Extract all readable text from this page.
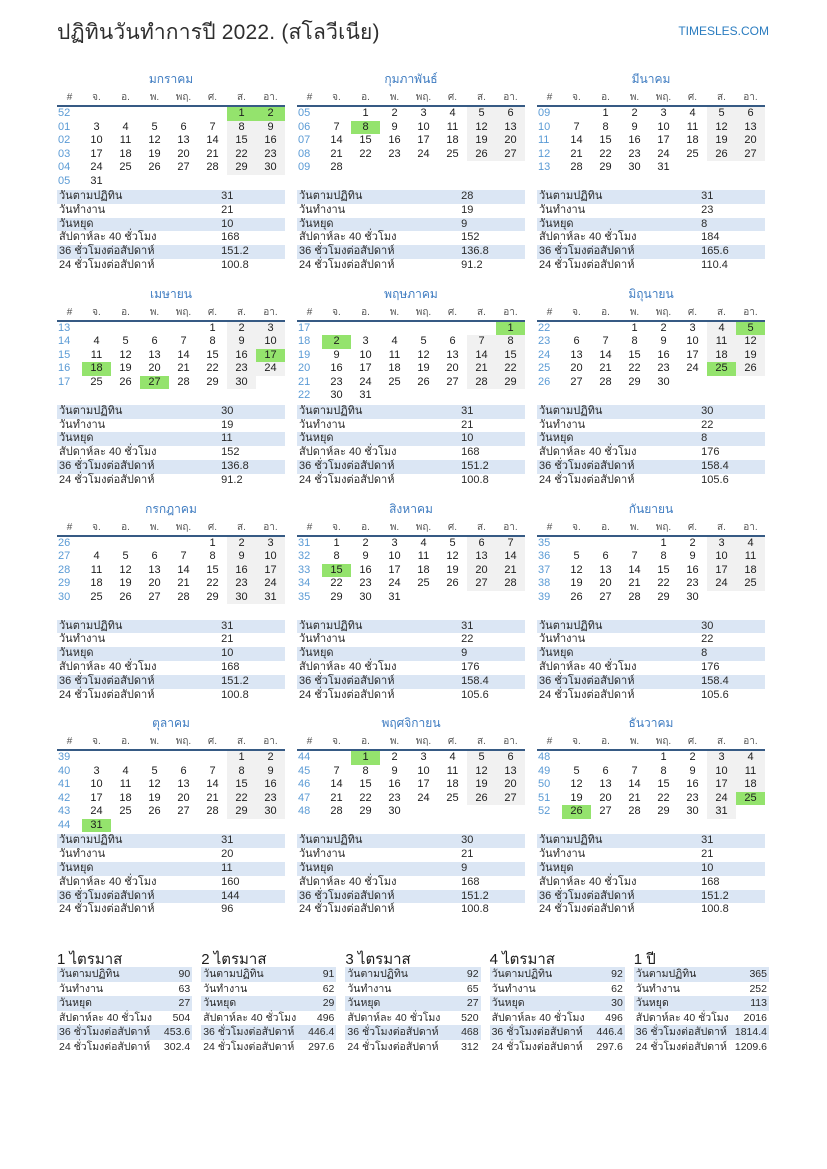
ปฏิทินวันทำการปี 2022. (สโลวีเนีย)	TIMESLES.COM
มกราคม
#	จ.	อ.	พ.	พฤ.	ศ.	ส.	อา.
52						1	2
01	3	4	5	6	7	8	9
02	10	11	12	13	14	15	16
03	17	18	19	20	21	22	23
04	24	25	26	27	28	29	30
05	31						
วันตามปฏิทิน	31
วันทำงาน	21
วันหยุด	10
สัปดาห์ละ 40 ชั่วโมง	168
36 ชั่วโมงต่อสัปดาห์	151.2
24 ชั่วโมงต่อสัปดาห์	100.8
กุมภาพันธ์
#	จ.	อ.	พ.	พฤ.	ศ.	ส.	อา.
05		1	2	3	4	5	6
06	7	8	9	10	11	12	13
07	14	15	16	17	18	19	20
08	21	22	23	24	25	26	27
09	28						
วันตามปฏิทิน	28
วันทำงาน	19
วันหยุด	9
สัปดาห์ละ 40 ชั่วโมง	152
36 ชั่วโมงต่อสัปดาห์	136.8
24 ชั่วโมงต่อสัปดาห์	91.2
มีนาคม
#	จ.	อ.	พ.	พฤ.	ศ.	ส.	อา.
09		1	2	3	4	5	6
10	7	8	9	10	11	12	13
11	14	15	16	17	18	19	20
12	21	22	23	24	25	26	27
13	28	29	30	31			
วันตามปฏิทิน	31
วันทำงาน	23
วันหยุด	8
สัปดาห์ละ 40 ชั่วโมง	184
36 ชั่วโมงต่อสัปดาห์	165.6
24 ชั่วโมงต่อสัปดาห์	110.4
เมษายน
#	จ.	อ.	พ.	พฤ.	ศ.	ส.	อา.
13					1	2	3
14	4	5	6	7	8	9	10
15	11	12	13	14	15	16	17
16	18	19	20	21	22	23	24
17	25	26	27	28	29	30	
วันตามปฏิทิน	30
วันทำงาน	19
วันหยุด	11
สัปดาห์ละ 40 ชั่วโมง	152
36 ชั่วโมงต่อสัปดาห์	136.8
24 ชั่วโมงต่อสัปดาห์	91.2
พฤษภาคม
#	จ.	อ.	พ.	พฤ.	ศ.	ส.	อา.
17							1
18	2	3	4	5	6	7	8
19	9	10	11	12	13	14	15
20	16	17	18	19	20	21	22
21	23	24	25	26	27	28	29
22	30	31					
วันตามปฏิทิน	31
วันทำงาน	21
วันหยุด	10
สัปดาห์ละ 40 ชั่วโมง	168
36 ชั่วโมงต่อสัปดาห์	151.2
24 ชั่วโมงต่อสัปดาห์	100.8
มิถุนายน
#	จ.	อ.	พ.	พฤ.	ศ.	ส.	อา.
22			1	2	3	4	5
23	6	7	8	9	10	11	12
24	13	14	15	16	17	18	19
25	20	21	22	23	24	25	26
26	27	28	29	30			
วันตามปฏิทิน	30
วันทำงาน	22
วันหยุด	8
สัปดาห์ละ 40 ชั่วโมง	176
36 ชั่วโมงต่อสัปดาห์	158.4
24 ชั่วโมงต่อสัปดาห์	105.6
กรกฎาคม
#	จ.	อ.	พ.	พฤ.	ศ.	ส.	อา.
26					1	2	3
27	4	5	6	7	8	9	10
28	11	12	13	14	15	16	17
29	18	19	20	21	22	23	24
30	25	26	27	28	29	30	31
วันตามปฏิทิน	31
วันทำงาน	21
วันหยุด	10
สัปดาห์ละ 40 ชั่วโมง	168
36 ชั่วโมงต่อสัปดาห์	151.2
24 ชั่วโมงต่อสัปดาห์	100.8
สิงหาคม
#	จ.	อ.	พ.	พฤ.	ศ.	ส.	อา.
31	1	2	3	4	5	6	7
32	8	9	10	11	12	13	14
33	15	16	17	18	19	20	21
34	22	23	24	25	26	27	28
35	29	30	31				
วันตามปฏิทิน	31
วันทำงาน	22
วันหยุด	9
สัปดาห์ละ 40 ชั่วโมง	176
36 ชั่วโมงต่อสัปดาห์	158.4
24 ชั่วโมงต่อสัปดาห์	105.6
กันยายน
#	จ.	อ.	พ.	พฤ.	ศ.	ส.	อา.
35				1	2	3	4
36	5	6	7	8	9	10	11
37	12	13	14	15	16	17	18
38	19	20	21	22	23	24	25
39	26	27	28	29	30		
วันตามปฏิทิน	30
วันทำงาน	22
วันหยุด	8
สัปดาห์ละ 40 ชั่วโมง	176
36 ชั่วโมงต่อสัปดาห์	158.4
24 ชั่วโมงต่อสัปดาห์	105.6
ตุลาคม
#	จ.	อ.	พ.	พฤ.	ศ.	ส.	อา.
39						1	2
40	3	4	5	6	7	8	9
41	10	11	12	13	14	15	16
42	17	18	19	20	21	22	23
43	24	25	26	27	28	29	30
44	31						
วันตามปฏิทิน	31
วันทำงาน	20
วันหยุด	11
สัปดาห์ละ 40 ชั่วโมง	160
36 ชั่วโมงต่อสัปดาห์	144
24 ชั่วโมงต่อสัปดาห์	96
พฤศจิกายน
#	จ.	อ.	พ.	พฤ.	ศ.	ส.	อา.
44		1	2	3	4	5	6
45	7	8	9	10	11	12	13
46	14	15	16	17	18	19	20
47	21	22	23	24	25	26	27
48	28	29	30				
วันตามปฏิทิน	30
วันทำงาน	21
วันหยุด	9
สัปดาห์ละ 40 ชั่วโมง	168
36 ชั่วโมงต่อสัปดาห์	151.2
24 ชั่วโมงต่อสัปดาห์	100.8
ธันวาคม
#	จ.	อ.	พ.	พฤ.	ศ.	ส.	อา.
48				1	2	3	4
49	5	6	7	8	9	10	11
50	12	13	14	15	16	17	18
51	19	20	21	22	23	24	25
52	26	27	28	29	30	31	
วันตามปฏิทิน	31
วันทำงาน	21
วันหยุด	10
สัปดาห์ละ 40 ชั่วโมง	168
36 ชั่วโมงต่อสัปดาห์	151.2
24 ชั่วโมงต่อสัปดาห์	100.8
1 ไตรมาส
วันตามปฏิทิน	90
วันทำงาน	63
วันหยุด	27
สัปดาห์ละ 40 ชั่วโมง	504
36 ชั่วโมงต่อสัปดาห์	453.6
24 ชั่วโมงต่อสัปดาห์	302.4
2 ไตรมาส
วันตามปฏิทิน	91
วันทำงาน	62
วันหยุด	29
สัปดาห์ละ 40 ชั่วโมง	496
36 ชั่วโมงต่อสัปดาห์	446.4
24 ชั่วโมงต่อสัปดาห์	297.6
3 ไตรมาส
วันตามปฏิทิน	92
วันทำงาน	65
วันหยุด	27
สัปดาห์ละ 40 ชั่วโมง	520
36 ชั่วโมงต่อสัปดาห์	468
24 ชั่วโมงต่อสัปดาห์	312
4 ไตรมาส
วันตามปฏิทิน	92
วันทำงาน	62
วันหยุด	30
สัปดาห์ละ 40 ชั่วโมง	496
36 ชั่วโมงต่อสัปดาห์	446.4
24 ชั่วโมงต่อสัปดาห์	297.6
1 ปี
วันตามปฏิทิน	365
วันทำงาน	252
วันหยุด	113
สัปดาห์ละ 40 ชั่วโมง	2016
36 ชั่วโมงต่อสัปดาห์	1814.4
24 ชั่วโมงต่อสัปดาห์	1209.6
